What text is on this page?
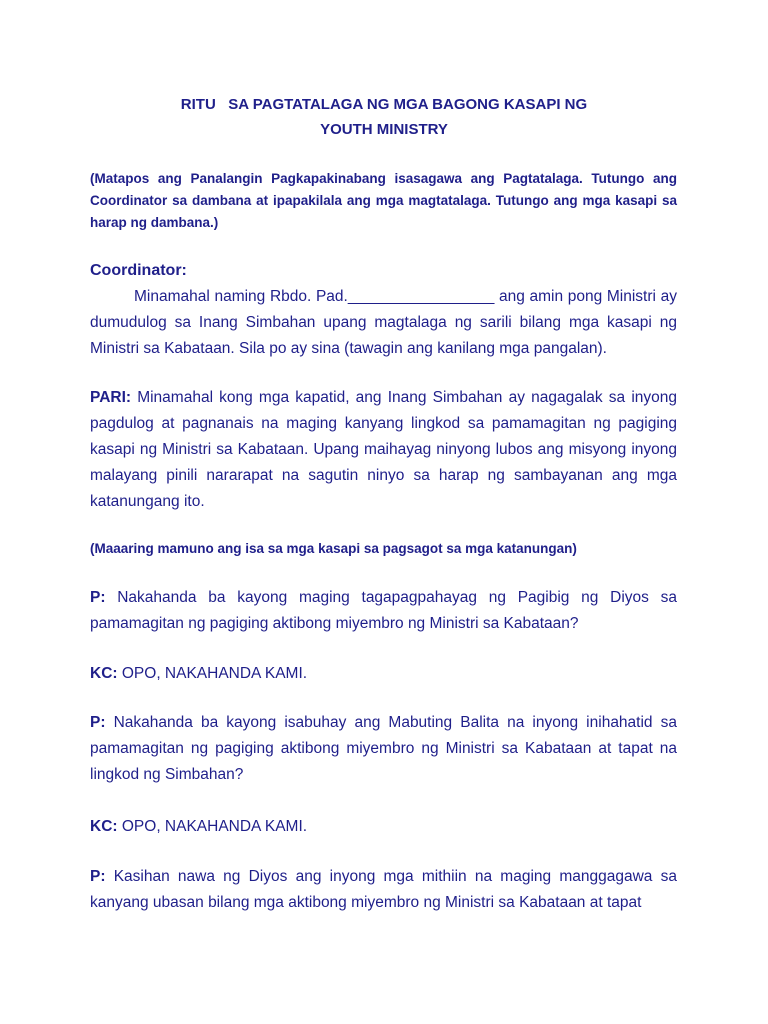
RITU   SA PAGTATALAGA NG MGA BAGONG KASAPI NG
YOUTH MINISTRY
(Matapos ang Panalangin Pagkapakinabang isasagawa ang Pagtatalaga. Tutungo ang Coordinator sa dambana at ipapakilala ang mga magtatalaga. Tutungo ang mga kasapi sa harap ng dambana.)
Coordinator:
Minamahal naming Rbdo. Pad._________________ ang amin pong Ministri ay dumudulog sa Inang Simbahan upang magtalaga ng sarili bilang mga kasapi ng Ministri sa Kabataan. Sila po ay sina (tawagin ang kanilang mga pangalan).
PARI: Minamahal kong mga kapatid, ang Inang Simbahan ay nagagalak sa inyong pagdulog at pagnanais na maging kanyang lingkod sa pamamagitan ng pagiging kasapi ng Ministri sa Kabataan. Upang maihayag ninyong lubos ang misyong inyong malayang pinili nararapat na sagutin ninyo sa harap ng sambayanan ang mga katanungang ito.
(Maaaring mamuno ang isa sa mga kasapi sa pagsagot sa mga katanungan)
P: Nakahanda ba kayong maging tagapagpahayag ng Pagibig ng Diyos sa pamamagitan ng pagiging aktibong miyembro ng Ministri sa Kabataan?
KC: OPO, NAKAHANDA KAMI.
P: Nakahanda ba kayong isabuhay ang Mabuting Balita na inyong inihahatid sa pamamagitan ng pagiging aktibong miyembro ng Ministri sa Kabataan at tapat na lingkod ng Simbahan?
KC: OPO, NAKAHANDA KAMI.
P: Kasihan nawa ng Diyos ang inyong mga mithiin na maging manggagawa sa kanyang ubasan bilang mga aktibong miyembro ng Ministri sa Kabataan at tapat
